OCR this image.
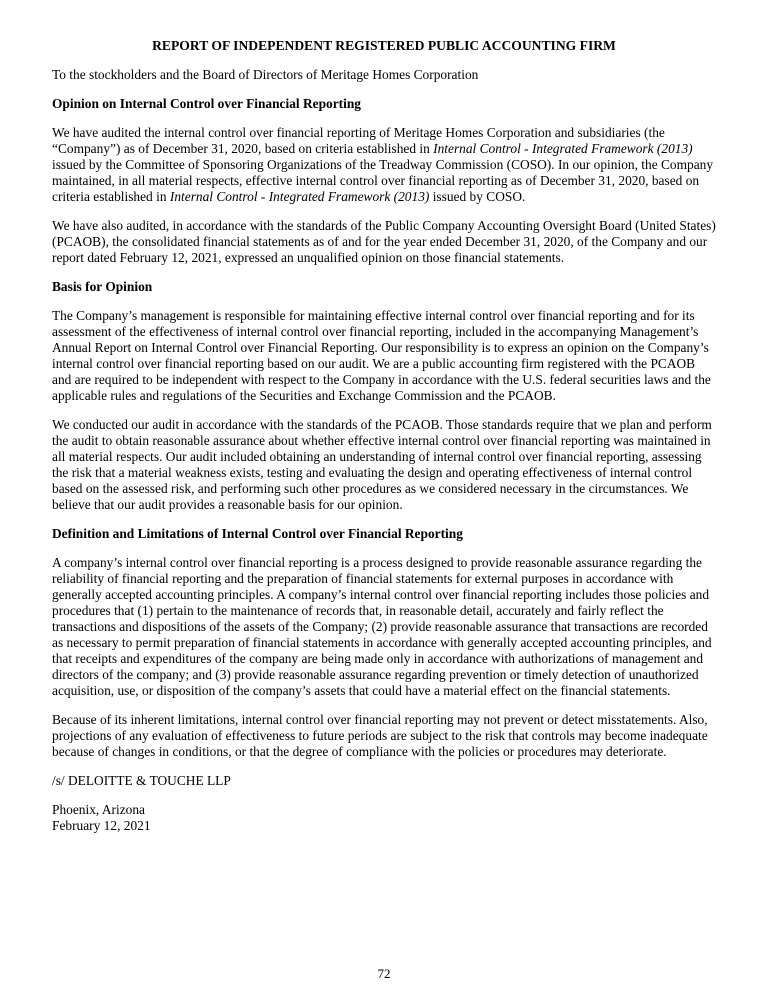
REPORT OF INDEPENDENT REGISTERED PUBLIC ACCOUNTING FIRM

To the stockholders and the Board of Directors of Meritage Homes Corporation

Opinion on Internal Control over Financial Reporting

We have audited the internal control over financial reporting of Meritage Homes Corporation and subsidiaries (the “Company”) as of December 31, 2020, based on criteria established in Internal Control - Integrated Framework (2013) issued by the Committee of Sponsoring Organizations of the Treadway Commission (COSO). In our opinion, the Company maintained, in all material respects, effective internal control over financial reporting as of December 31, 2020, based on criteria established in Internal Control - Integrated Framework (2013) issued by COSO.

We have also audited, in accordance with the standards of the Public Company Accounting Oversight Board (United States) (PCAOB), the consolidated financial statements as of and for the year ended December 31, 2020, of the Company and our report dated February 12, 2021, expressed an unqualified opinion on those financial statements.

Basis for Opinion

The Company’s management is responsible for maintaining effective internal control over financial reporting and for its assessment of the effectiveness of internal control over financial reporting, included in the accompanying Management’s Annual Report on Internal Control over Financial Reporting. Our responsibility is to express an opinion on the Company’s internal control over financial reporting based on our audit. We are a public accounting firm registered with the PCAOB and are required to be independent with respect to the Company in accordance with the U.S. federal securities laws and the applicable rules and regulations of the Securities and Exchange Commission and the PCAOB.

We conducted our audit in accordance with the standards of the PCAOB. Those standards require that we plan and perform the audit to obtain reasonable assurance about whether effective internal control over financial reporting was maintained in all material respects. Our audit included obtaining an understanding of internal control over financial reporting, assessing the risk that a material weakness exists, testing and evaluating the design and operating effectiveness of internal control based on the assessed risk, and performing such other procedures as we considered necessary in the circumstances. We believe that our audit provides a reasonable basis for our opinion.

Definition and Limitations of Internal Control over Financial Reporting

A company’s internal control over financial reporting is a process designed to provide reasonable assurance regarding the reliability of financial reporting and the preparation of financial statements for external purposes in accordance with generally accepted accounting principles. A company’s internal control over financial reporting includes those policies and procedures that (1) pertain to the maintenance of records that, in reasonable detail, accurately and fairly reflect the transactions and dispositions of the assets of the Company; (2) provide reasonable assurance that transactions are recorded as necessary to permit preparation of financial statements in accordance with generally accepted accounting principles, and that receipts and expenditures of the company are being made only in accordance with authorizations of management and directors of the company; and (3) provide reasonable assurance regarding prevention or timely detection of unauthorized acquisition, use, or disposition of the company’s assets that could have a material effect on the financial statements.

Because of its inherent limitations, internal control over financial reporting may not prevent or detect misstatements. Also, projections of any evaluation of effectiveness to future periods are subject to the risk that controls may become inadequate because of changes in conditions, or that the degree of compliance with the policies or procedures may deteriorate.

/s/ DELOITTE & TOUCHE LLP

Phoenix, Arizona

February 12, 2021

72
